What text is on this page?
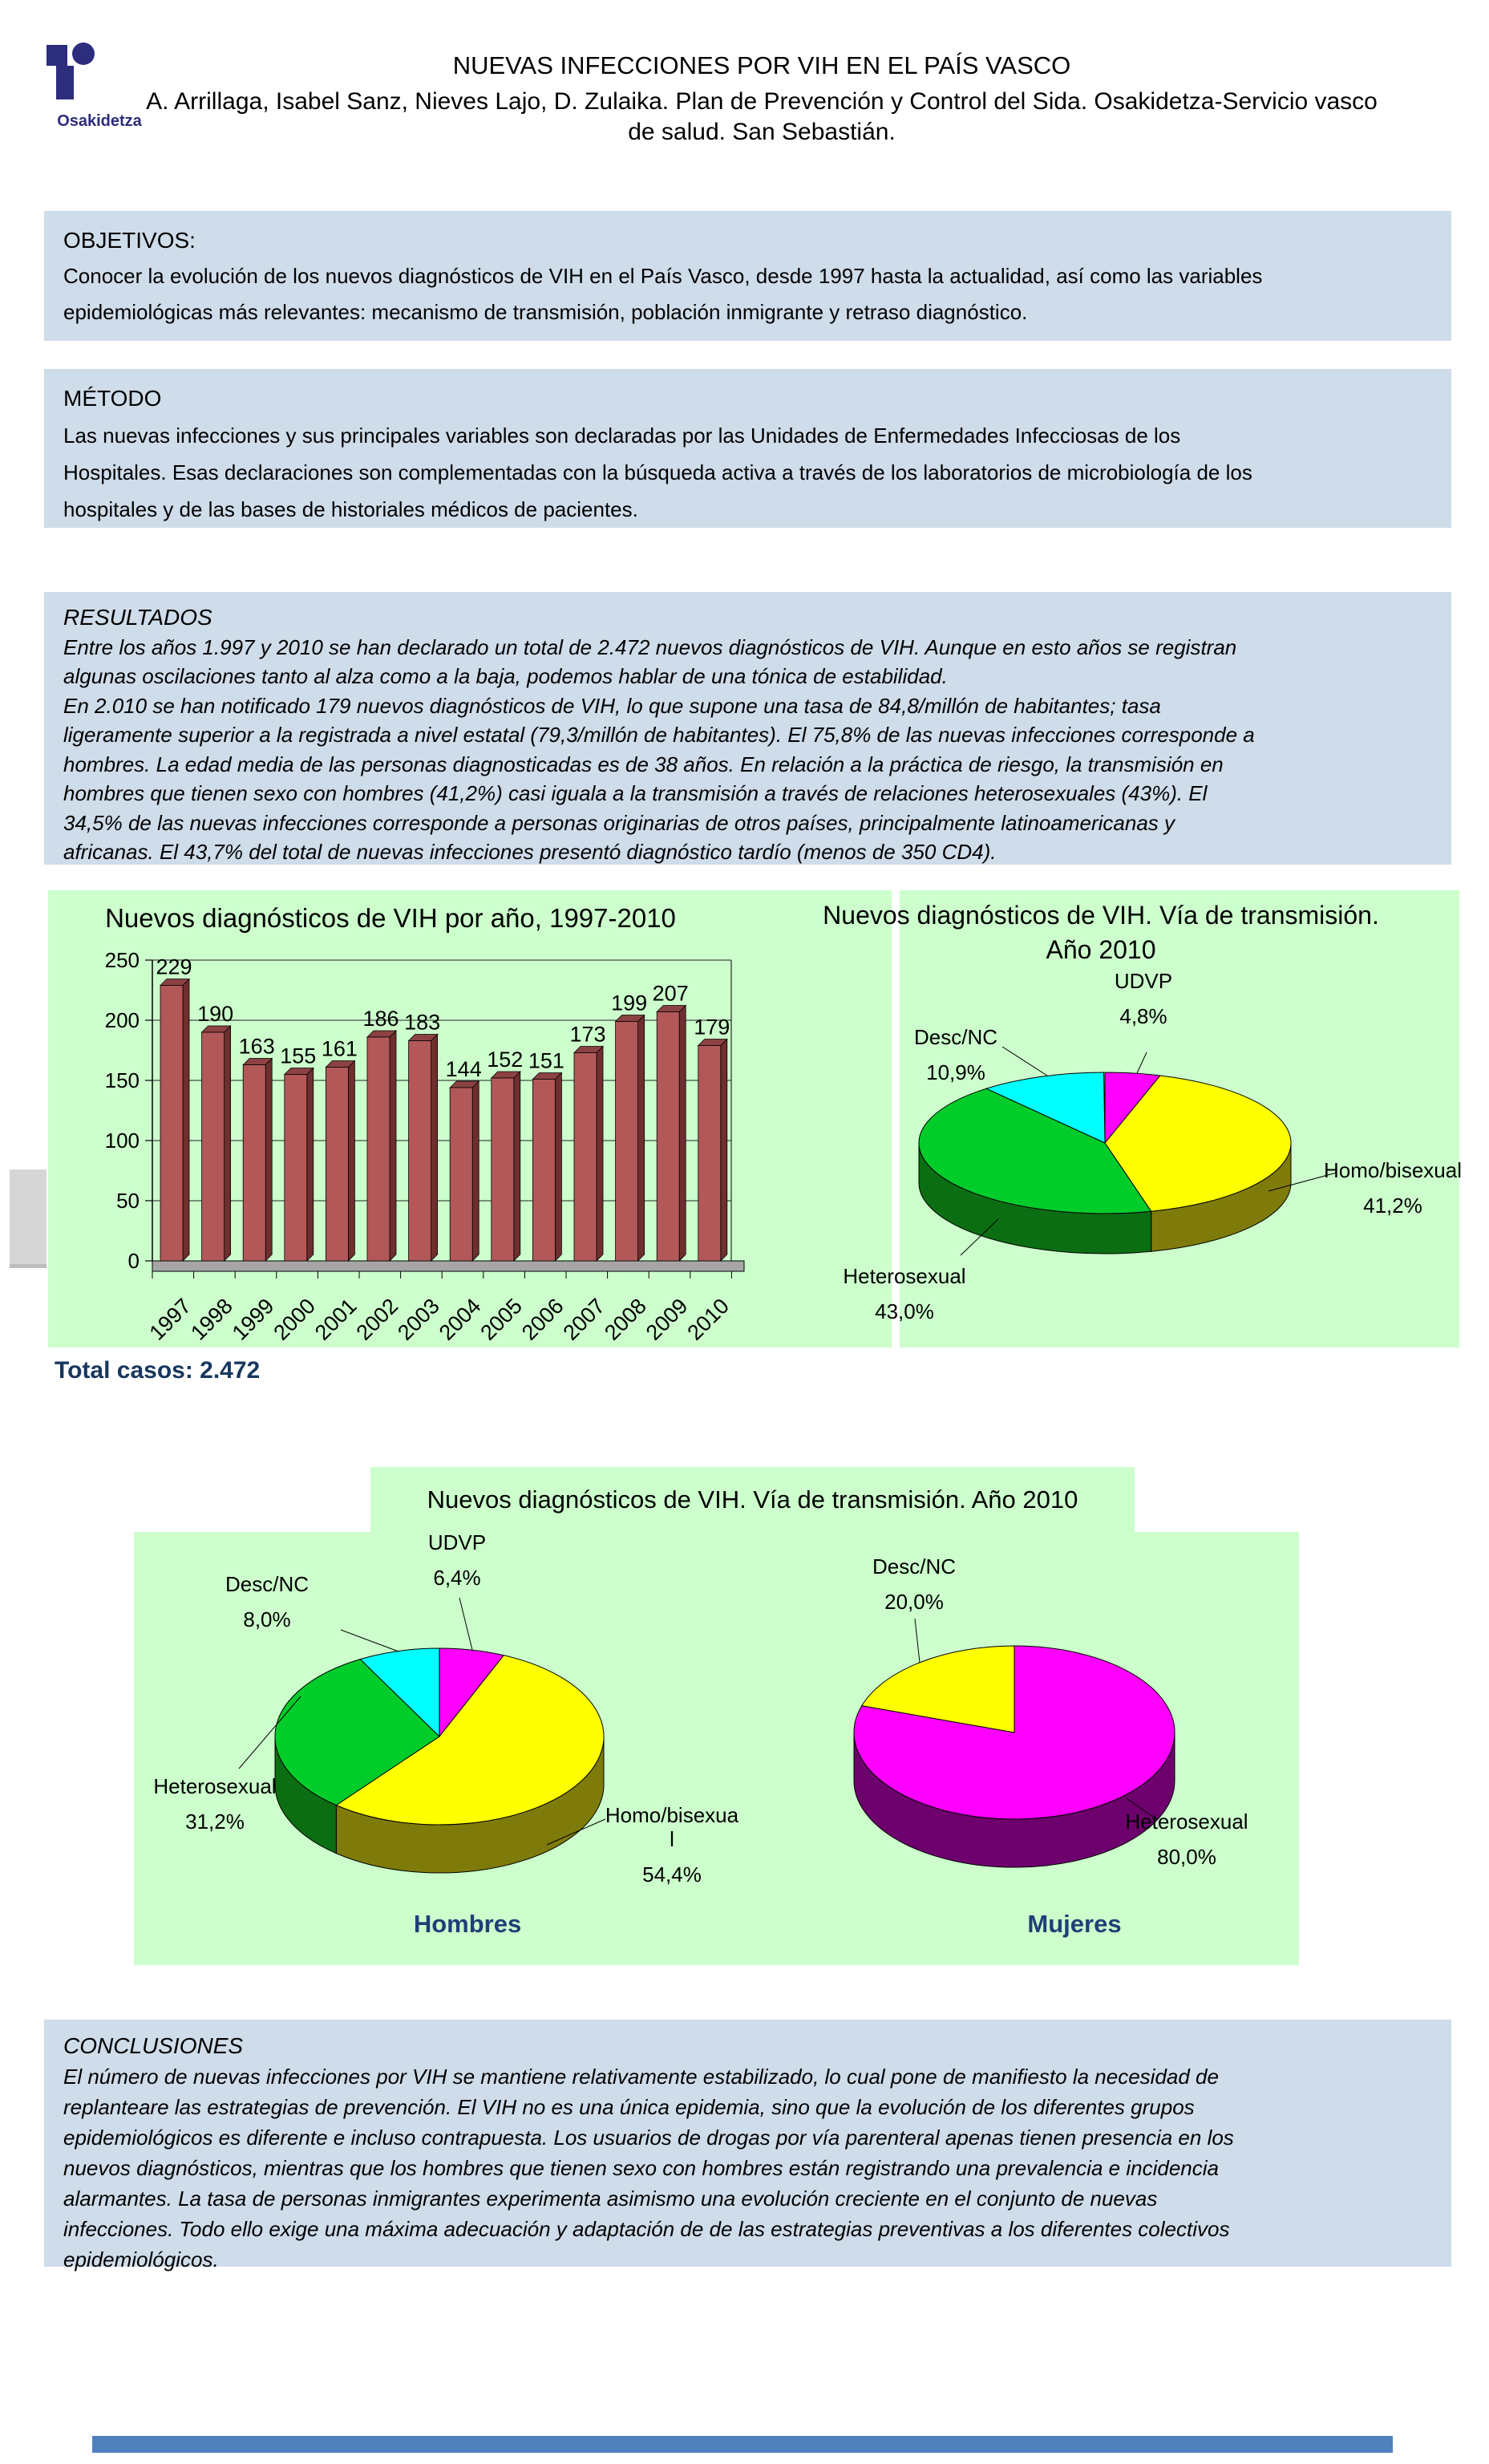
Osakidetza
NUEVAS INFECCIONES POR VIH EN EL PAÍS VASCO

A. Arrillaga, Isabel Sanz, Nieves Lajo, D. Zulaika. Plan de Prevención y Control del Sida. Osakidetza-Servicio vasco de salud. San Sebastián.

OBJETIVOS:

Conocer la evolución de los nuevos diagnósticos de VIH en el País Vasco, desde 1997 hasta la actualidad, así como las variables epidemiológicas más relevantes: mecanismo de transmisión, población inmigrante y retraso diagnóstico.

MÉTODO

Las nuevas infecciones y sus principales variables son declaradas por las Unidades de Enfermedades Infecciosas de los Hospitales. Esas declaraciones son complementadas con la búsqueda activa a través de los laboratorios de microbiología de los hospitales y de las bases de historiales médicos de pacientes.

RESULTADOS

Entre los años 1.997 y 2010 se han declarado un total de 2.472 nuevos diagnósticos de VIH. Aunque en esto años se registran algunas oscilaciones tanto al alza como a la baja, podemos hablar de una tónica de estabilidad.

En 2.010 se han notificado 179 nuevos diagnósticos de VIH, lo que supone una tasa de 84,8/millón de habitantes; tasa ligeramente superior a la registrada a nivel estatal (79,3/millón de habitantes). El 75,8% de las nuevas infecciones corresponde a hombres. La edad media de las personas diagnosticadas es de 38 años. En relación a la práctica de riesgo, la transmisión en hombres que tienen sexo con hombres (41,2%) casi iguala a la transmisión a través de relaciones heterosexuales (43%). El 34,5% de las nuevas infecciones corresponde a personas originarias de otros países, principalmente latinoamericanas y africanas. El 43,7% del total de nuevas infecciones presentó diagnóstico tardío (menos de 350 CD4).

Nuevos diagnósticos de VIH por año, 1997-2010
0
50
100
150
200
250 229
1997
190
1998
163
1999
155
2000
161
2001
186
2002
183
2003
144
2004
152
2005
151
2006
173
2007
199
2008
207
2009
179
2010
Total casos: 2.472
Nuevos diagnósticos de VIH. Vía de transmisión.
Año 2010
UDVP
4,8%
Desc/NC
10,9%
Homo/bisexual
41,2%
Heterosexual
43,0%
Nuevos diagnósticos de VIH. Vía de transmisión. Año 2010
Desc/NC
8,0%
UDVP
6,4%
Heterosexual
31,2%	Homo/bisexual
54,4%
Hombres
Desc/NC
20,0%
Heterosexual
80,0%
Mujeres
CONCLUSIONES

El número de nuevas infecciones por VIH se mantiene relativamente estabilizado, lo cual pone de manifiesto la necesidad de replanteare las estrategias de prevención. El VIH no es una única epidemia, sino que la evolución de los diferentes grupos epidemiológicos es diferente e incluso contrapuesta. Los usuarios de drogas por vía parenteral apenas tienen presencia en los nuevos diagnósticos, mientras que los hombres que tienen sexo con hombres están registrando una prevalencia e incidencia alarmantes. La tasa de personas inmigrantes experimenta asimismo una evolución creciente en el conjunto de nuevas infecciones. Todo ello exige una máxima adecuación y adaptación de de las estrategias preventivas a los diferentes colectivos epidemiológicos.
